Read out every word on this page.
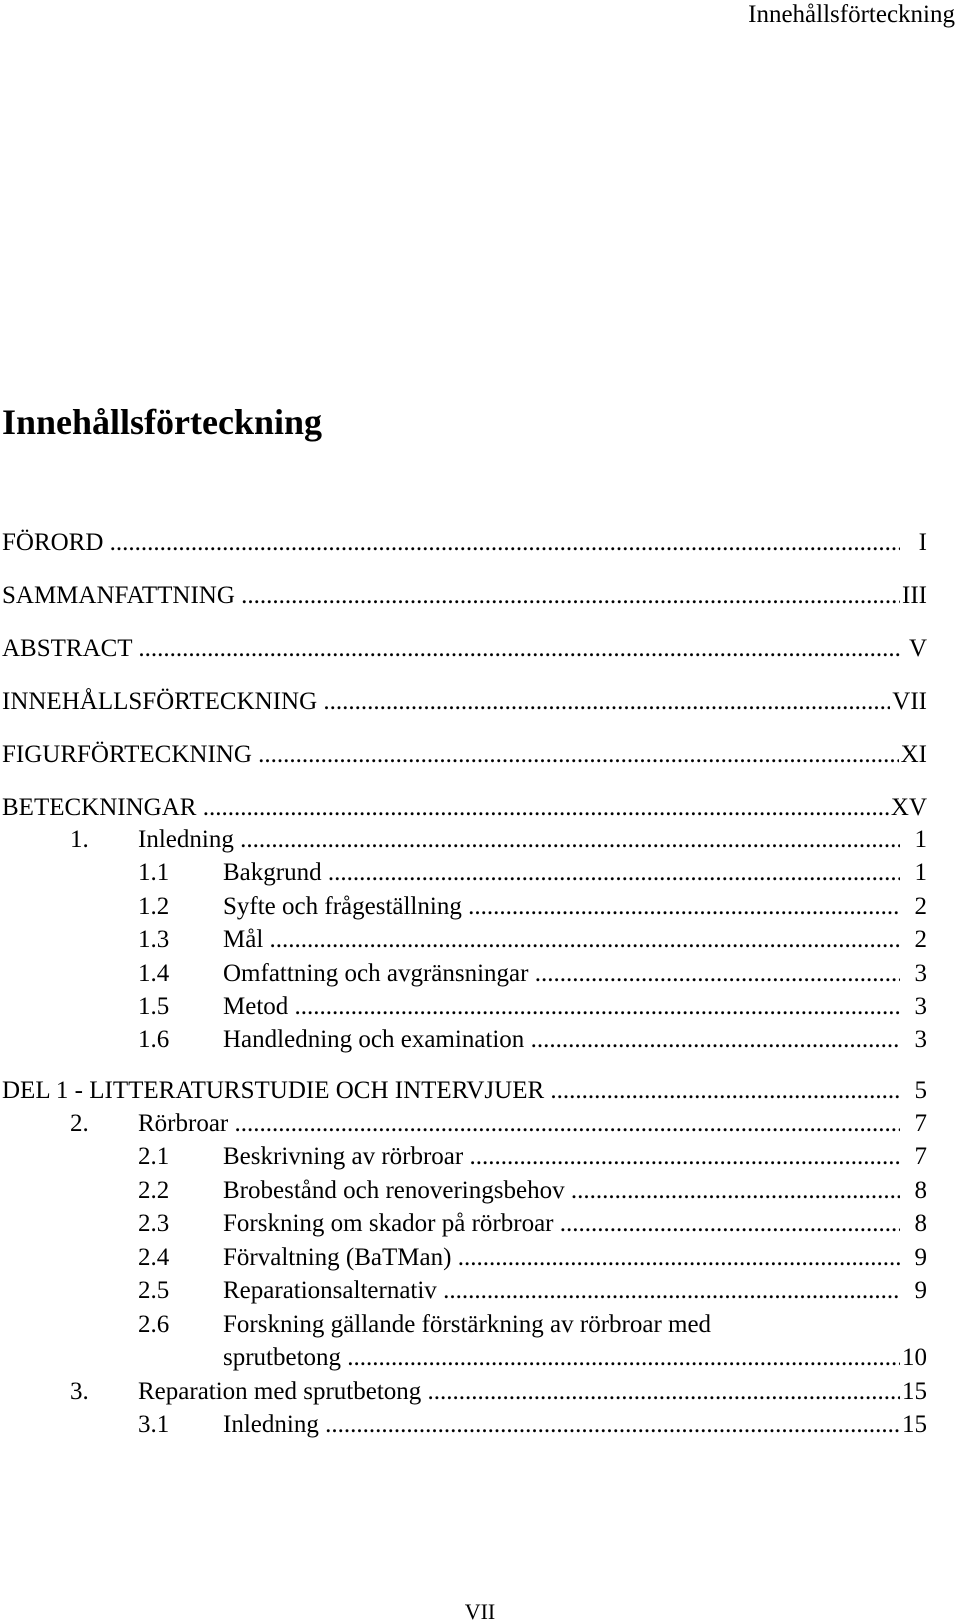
Innehållsförteckning
Innehållsförteckning
FÖRORD .....	I
SAMMANFATTNING .....	III
ABSTRACT .....	V
INNEHÅLLSFÖRTECKNING .....	VII
FIGURFÖRTECKNING .....	XI
BETECKNINGAR .....	XV
1. Inledning .....	1
1.1 Bakgrund .....	1
1.2 Syfte och frågeställning .....	2
1.3 Mål .....	2
1.4 Omfattning och avgränsningar .....	3
1.5 Metod .....	3
1.6 Handledning och examination .....	3
DEL 1 - LITTERATURSTUDIE OCH INTERVJUER .....	5
2. Rörbroar .....	7
2.1 Beskrivning av rörbroar .....	7
2.2 Brobestånd och renoveringsbehov .....	8
2.3 Forskning om skador på rörbroar .....	8
2.4 Förvaltning (BaTMan) .....	9
2.5 Reparationsalternativ .....	9
2.6 Forskning gällande förstärkning av rörbroar med
sprutbetong .....	10
3. Reparation med sprutbetong .....	15
3.1 Inledning .....	15
VII
